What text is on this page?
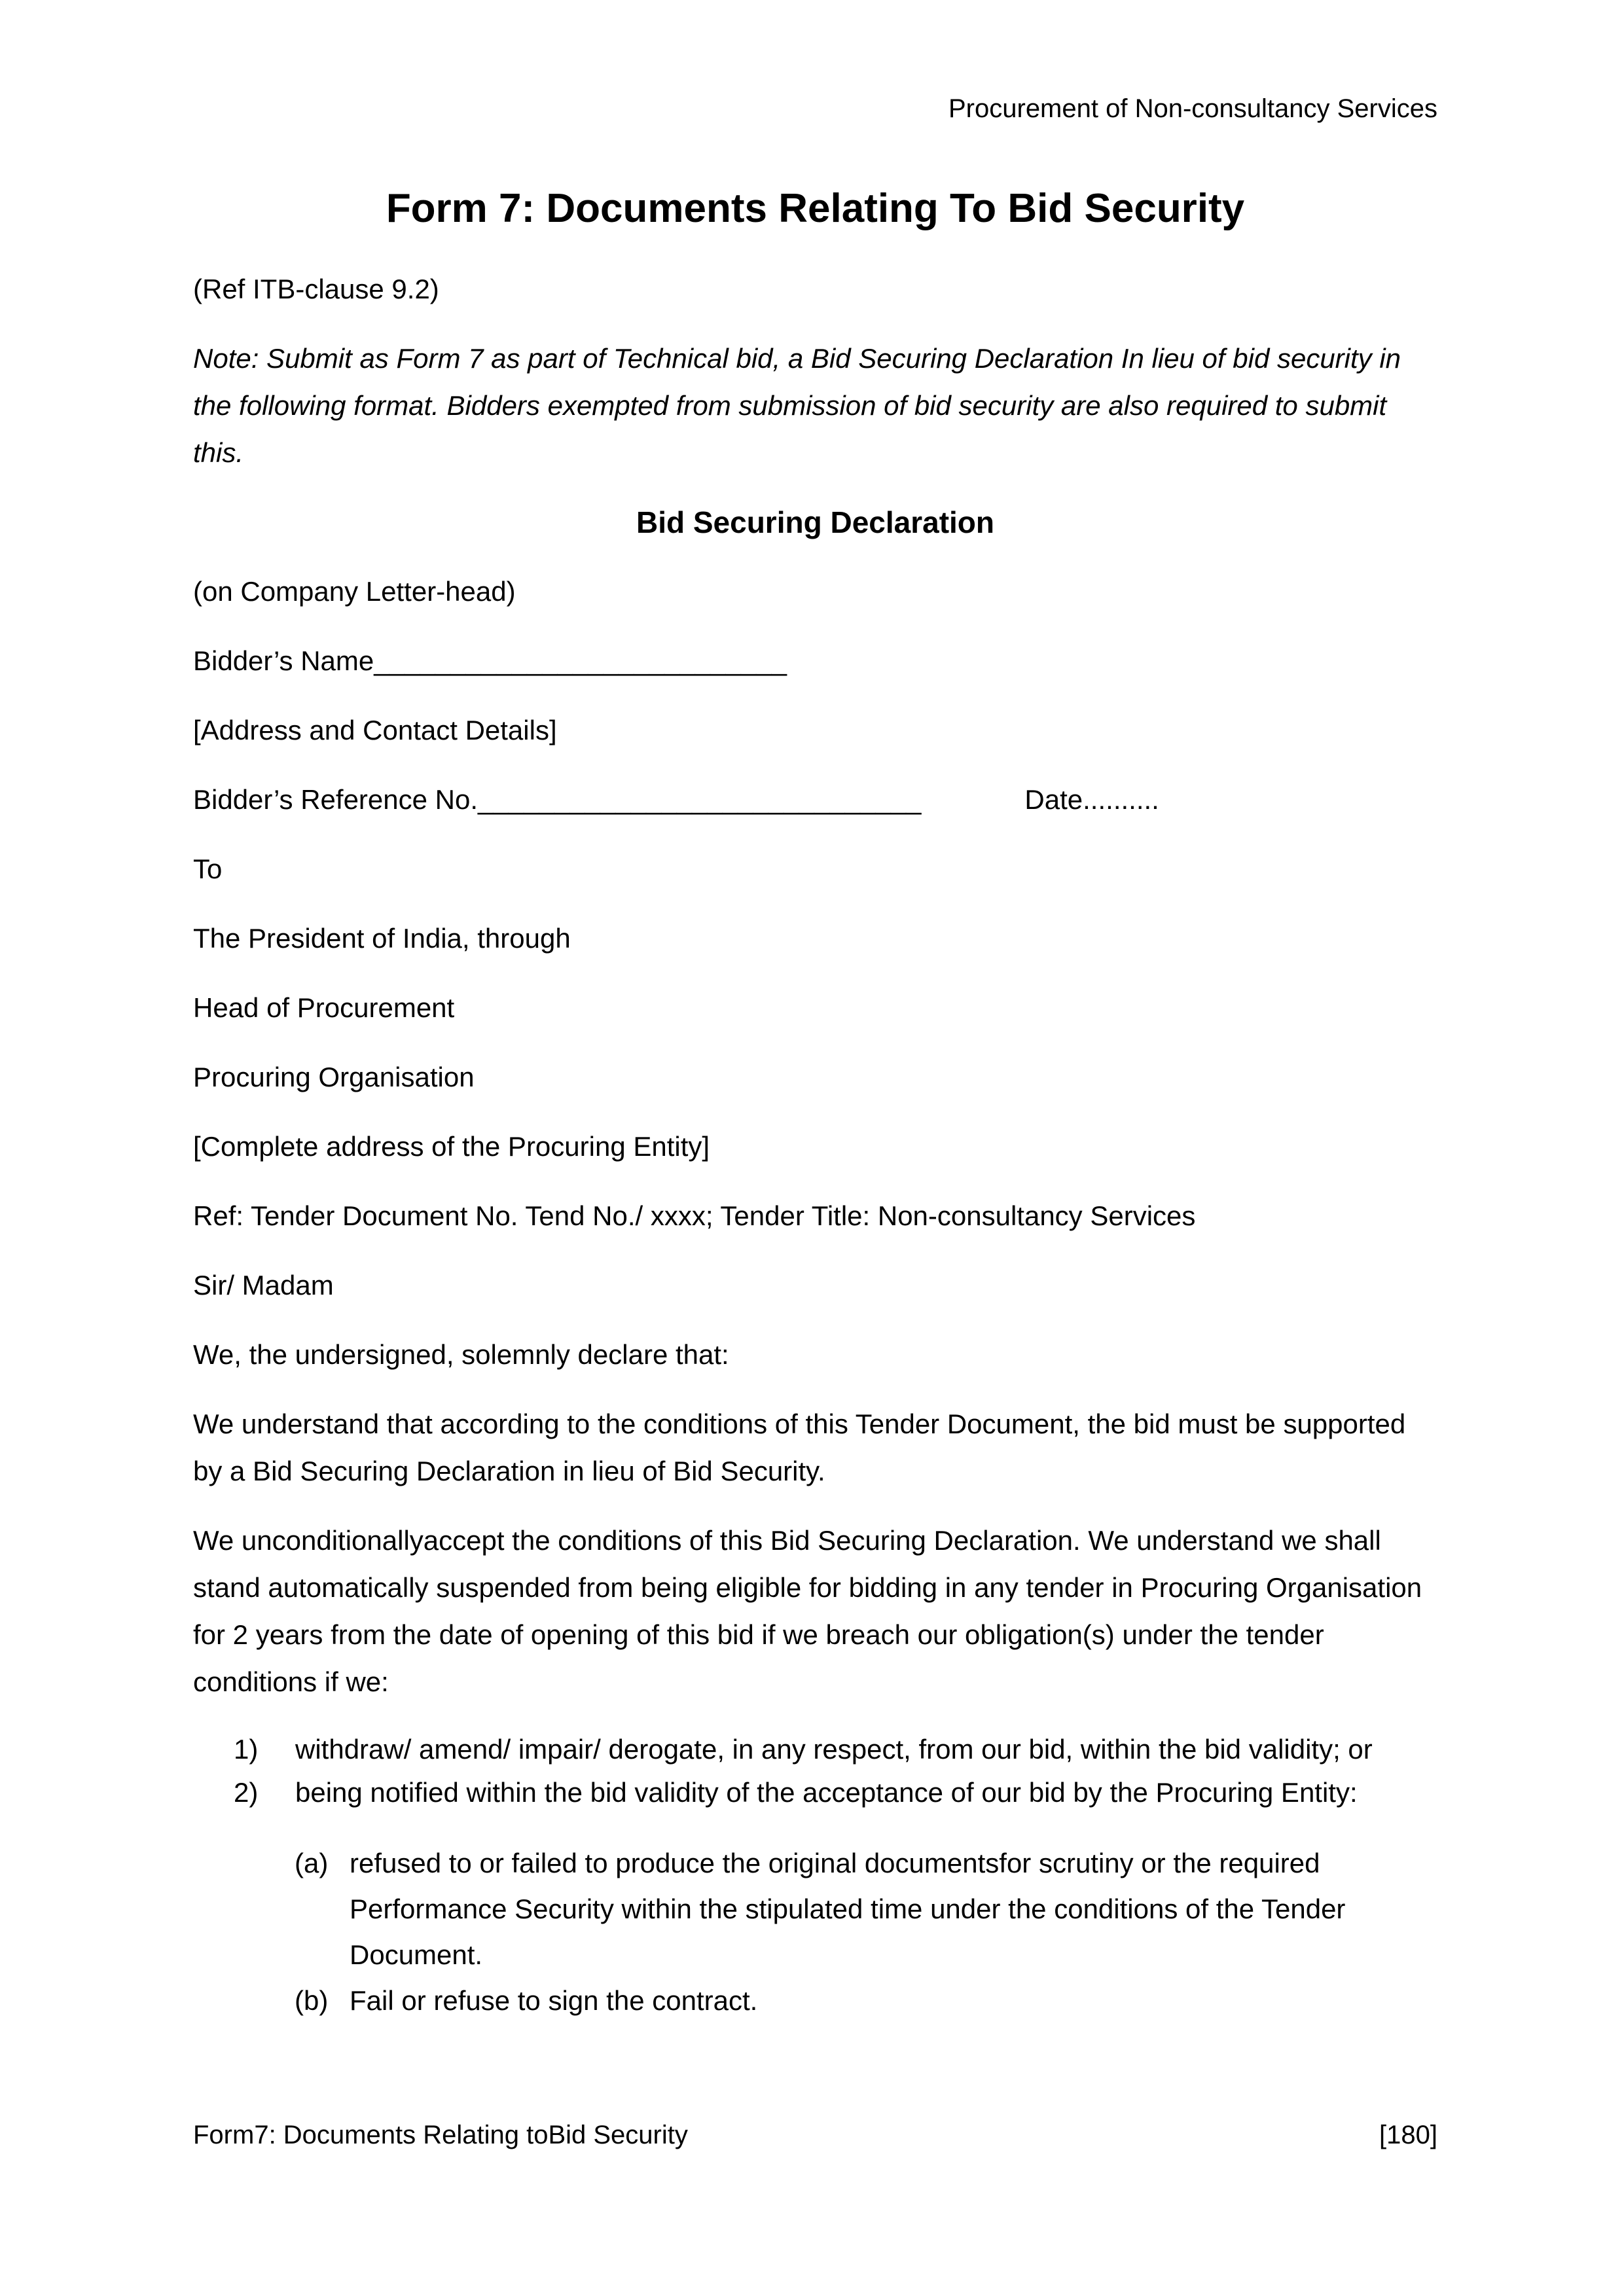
Procurement of Non-consultancy Services

Form 7: Documents Relating To Bid Security

(Ref ITB-clause 9.2)

Note: Submit as Form 7 as part of Technical bid, a Bid Securing Declaration In lieu of bid security in the following format. Bidders exempted from submission of bid security are also required to submit this.

Bid Securing Declaration

(on Company Letter-head)

Bidder’s Name___________________________

[Address and Contact Details]

Bidder’s Reference No._____________________________	Date..........

To

The President of India, through

Head of Procurement

Procuring Organisation

[Complete address of the Procuring Entity]

Ref: Tender Document No. Tend No./ xxxx; Tender Title: Non-consultancy Services

Sir/ Madam

We, the undersigned, solemnly declare that:

We understand that according to the conditions of this Tender Document, the bid must be supported by a Bid Securing Declaration in lieu of Bid Security.

We unconditionallyaccept the conditions of this Bid Securing Declaration. We understand we shall stand automatically suspended from being eligible for bidding in any tender in Procuring Organisation for 2 years from the date of opening of this bid if we breach our obligation(s) under the tender conditions if we:

1)	withdraw/ amend/ impair/ derogate, in any respect, from our bid, within the bid validity; or
2)	being notified within the bid validity of the acceptance of our bid by the Procuring Entity:
(a) refused to or failed to produce the original documentsfor scrutiny or the required Performance Security within the stipulated time under the conditions of the Tender Document.
(b) Fail or refuse to sign the contract.
Form7: Documents Relating toBid Security	[180]
